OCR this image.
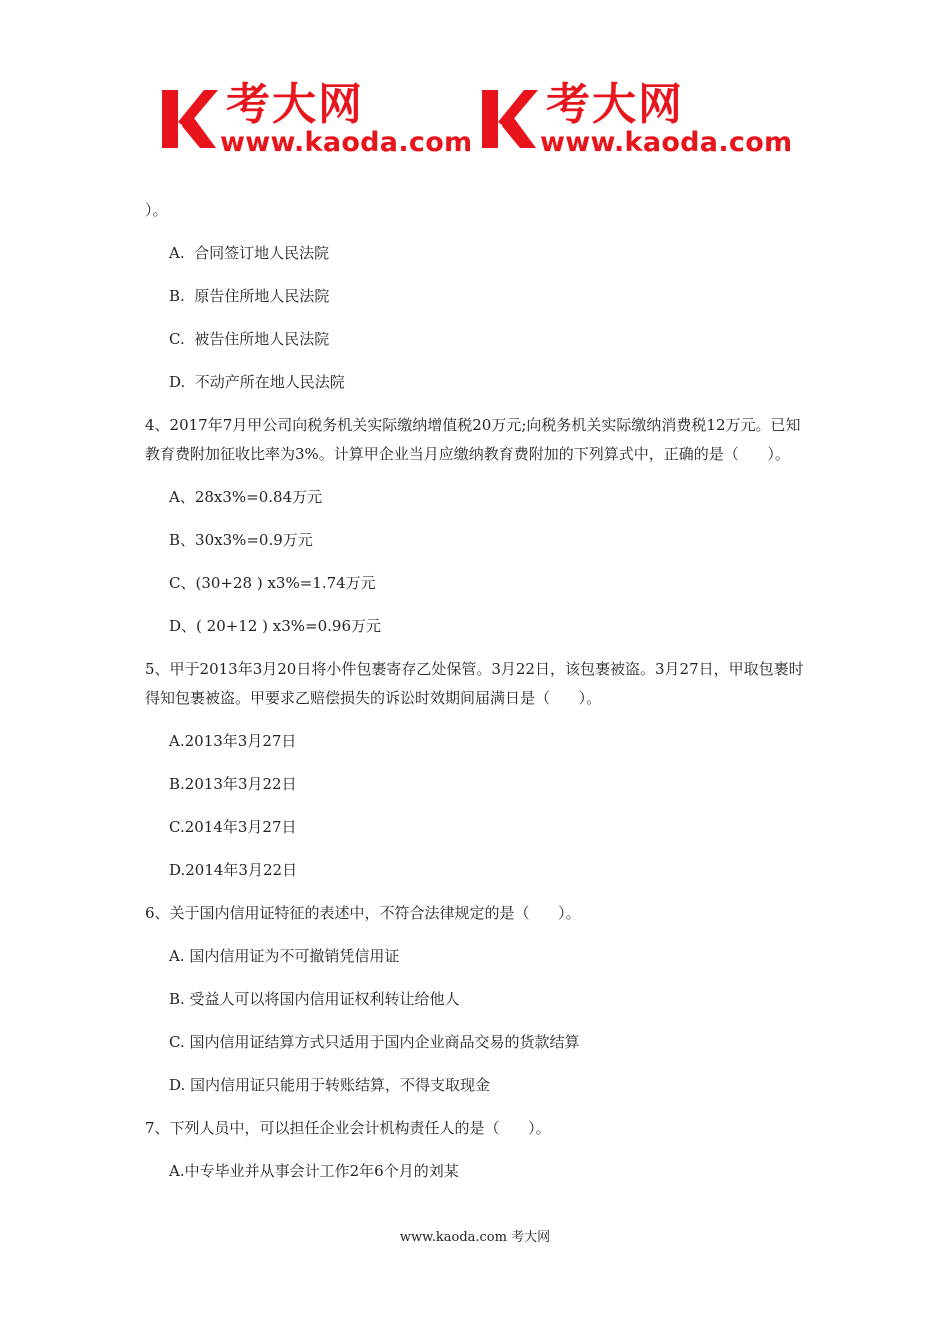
考大网
www.kaoda.com
考大网
www.kaoda.com

）。

A.  合同签订地人民法院

B.  原告住所地人民法院

C.  被告住所地人民法院

D.  不动产所在地人民法院

4、2017年7月甲公司向税务机关实际缴纳增值税20万元;向税务机关实际缴纳消费税12万元。已知教育费附加征收比率为3%。计算甲企业当月应缴纳教育费附加的下列算式中，正确的是（      ）。

A、28x3%=0.84万元

B、30x3%=0.9万元

C、(30+28 ) x3%=1.74万元

D、( 20+12 ) x3%=0.96万元

5、甲于2013年3月20日将小件包裹寄存乙处保管。3月22日，该包裹被盗。3月27日，甲取包裹时得知包裹被盗。甲要求乙赔偿损失的诉讼时效期间届满日是（      ）。

A.2013年3月27日

B.2013年3月22日

C.2014年3月27日

D.2014年3月22日

6、关于国内信用证特征的表述中，不符合法律规定的是（      ）。

A. 国内信用证为不可撤销凭信用证

B. 受益人可以将国内信用证权利转让给他人

C. 国内信用证结算方式只适用于国内企业商品交易的货款结算

D. 国内信用证只能用于转账结算，不得支取现金

7、下列人员中，可以担任企业会计机构责任人的是（      ）。

A.中专毕业并从事会计工作2年6个月的刘某

www.kaoda.com 考大网
